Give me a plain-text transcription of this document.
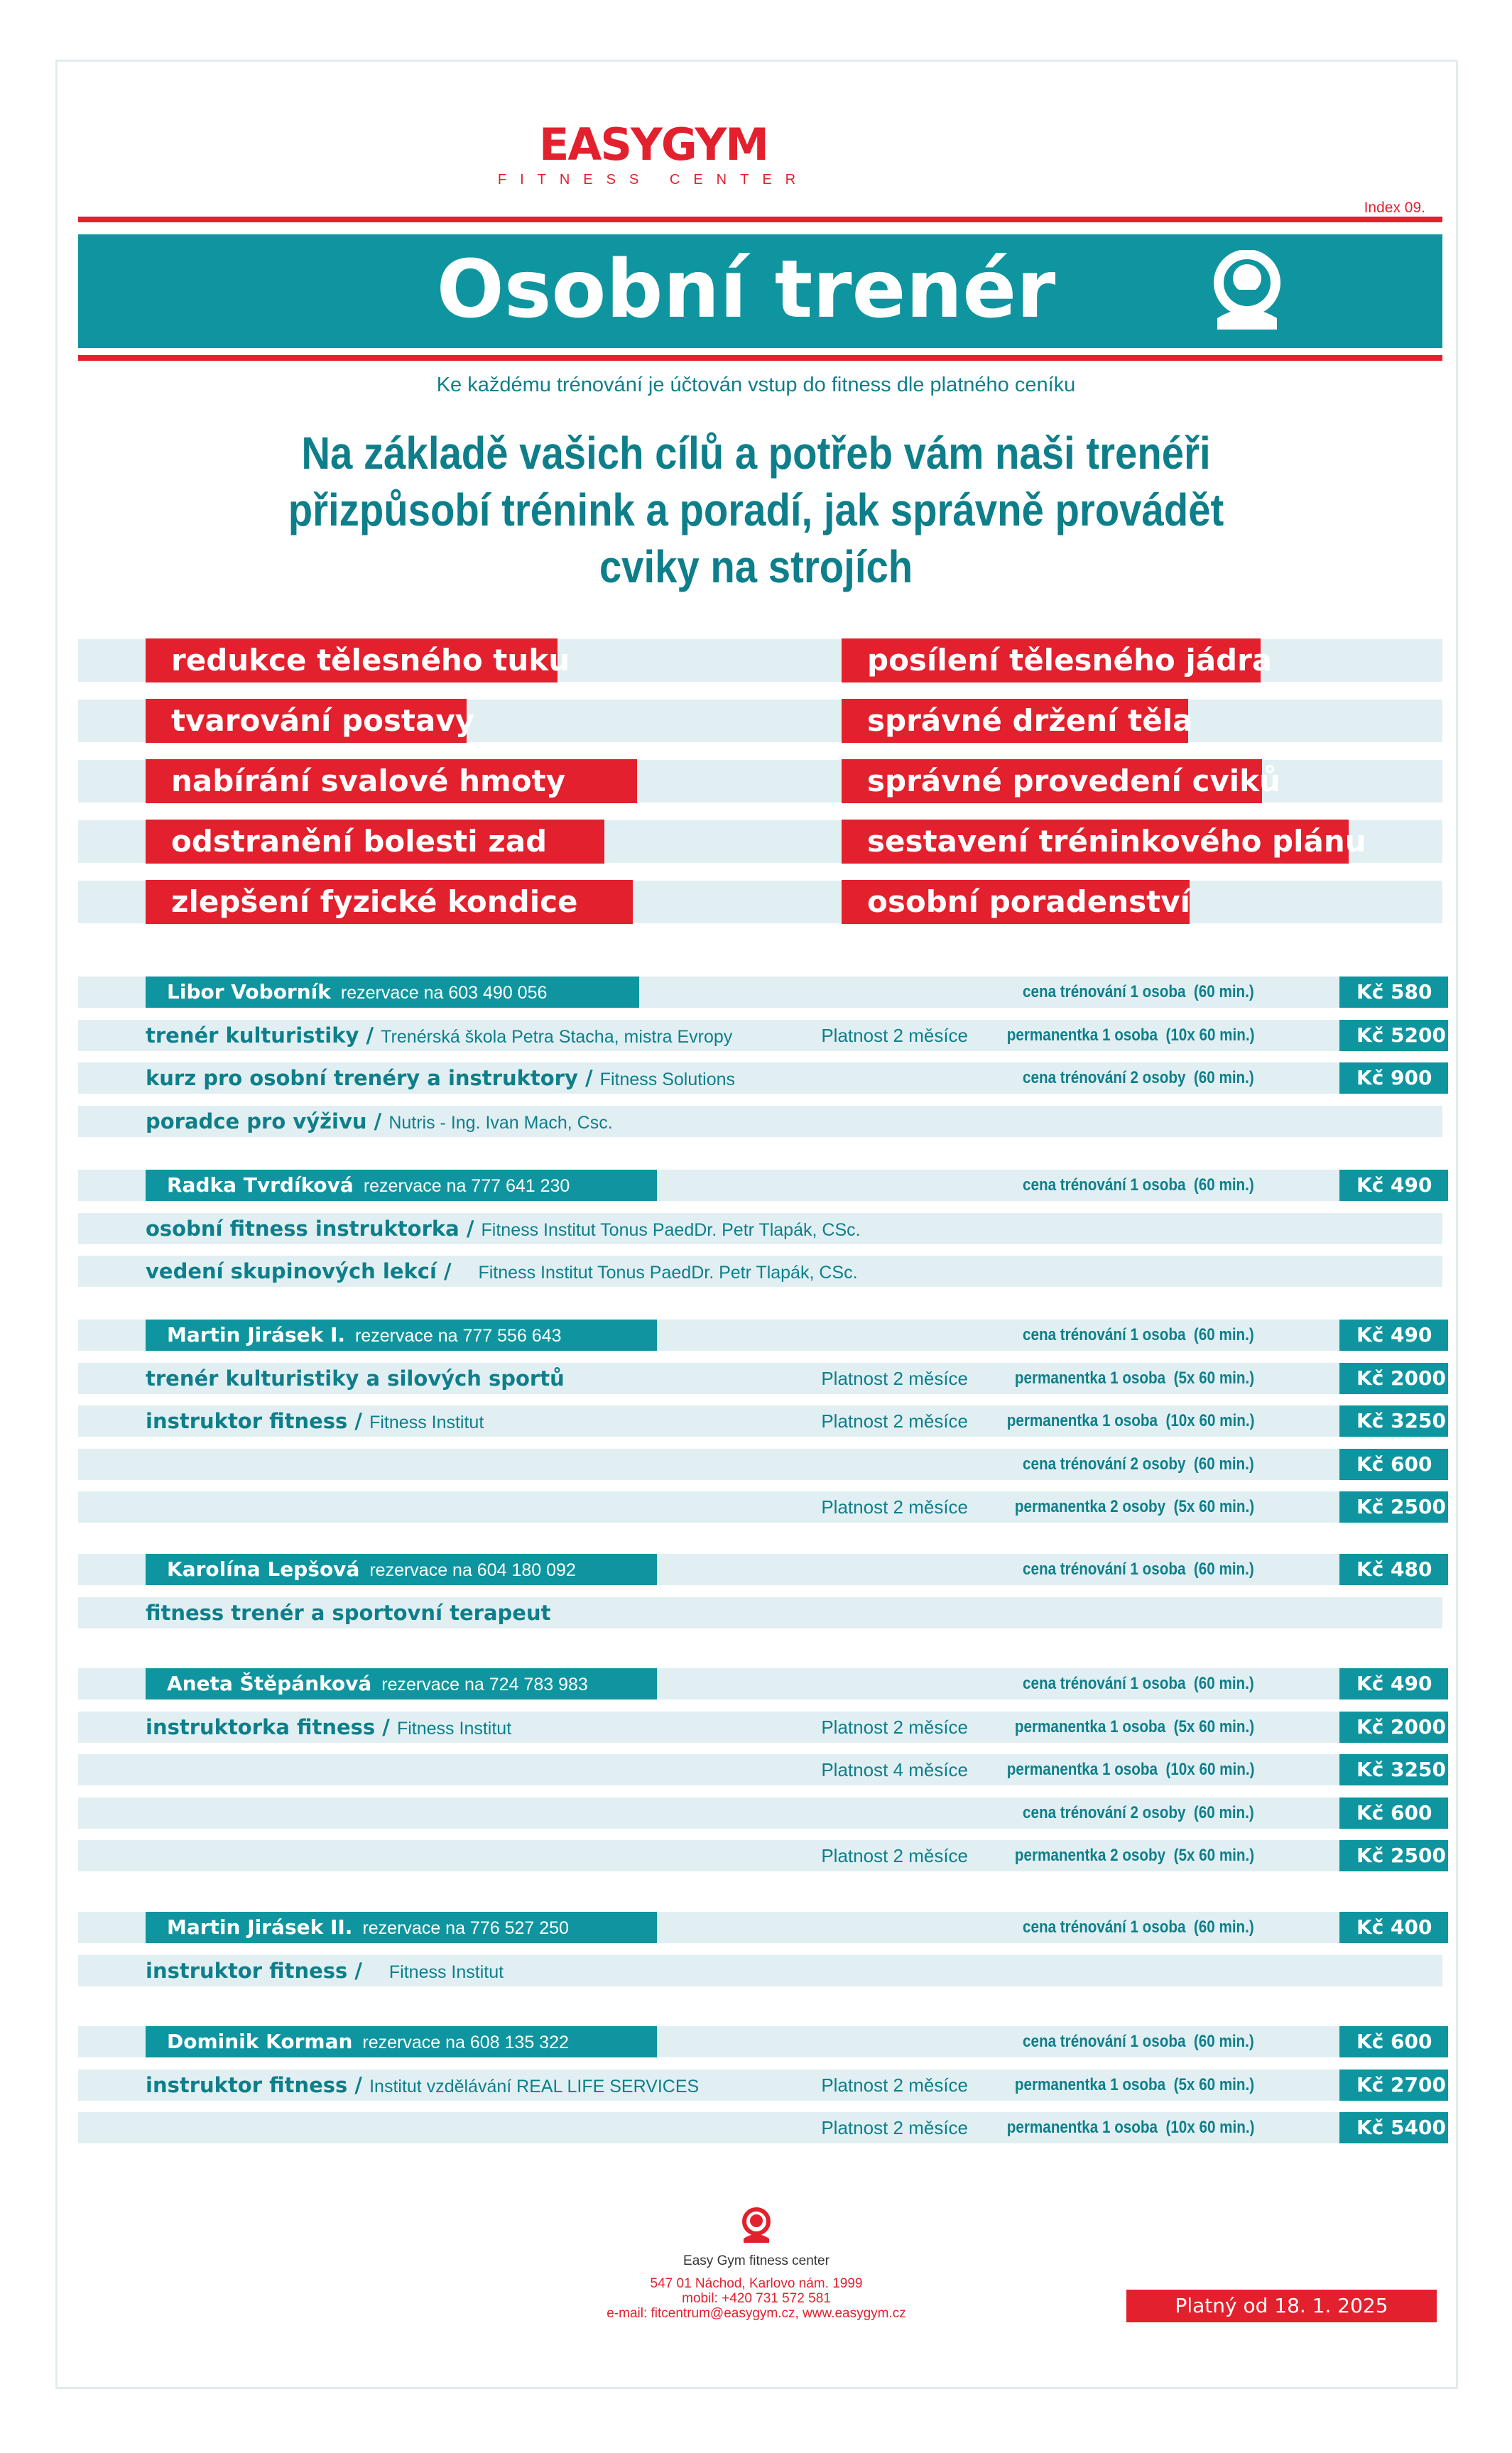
EASYGYM
FITNESS CENTER
Index 09.
Osobní trenér
Ke každému trénování je účtován vstup do fitness dle platného ceníku
Na základě vašich cílů a potřeb vám naši trenéři
přizpůsobí trénink a poradí, jak správně provádět
cviky na strojích
redukce tělesného tuku	posílení tělesného jádra
tvarování postavy	správné držení těla
nabírání svalové hmoty	správné provedení cviků
odstranění bolesti zad	sestavení tréninkového plánu
zlepšení fyzické kondice	osobní poradenství
Libor Voborník rezervace na 603 490 056	cena trénování 1 osoba  (60 min.)	Kč 580
trenér kulturistiky / Trenérská škola Petra Stacha, mistra Evropy	Platnost 2 měsíce permanentka 1 osoba  (10x 60 min.)	Kč 5200
kurz pro osobní trenéry a instruktory / Fitness Solutions	cena trénování 2 osoby  (60 min.)	Kč 900
poradce pro výživu / Nutris - Ing. Ivan Mach, Csc.
Radka Tvrdíková rezervace na 777 641 230	cena trénování 1 osoba  (60 min.)	Kč 490
osobní fitness instruktorka / Fitness Institut Tonus PaedDr. Petr Tlapák, CSc.
vedení skupinových lekcí /     Fitness Institut Tonus PaedDr. Petr Tlapák, CSc.
Martin Jirásek I. rezervace na 777 556 643	cena trénování 1 osoba  (60 min.)	Kč 490
trenér kulturistiky a silových sportů	Platnost 2 měsíce	permanentka 1 osoba  (5x 60 min.)	Kč 2000
instruktor fitness / Fitness Institut	Platnost 2 měsíce permanentka 1 osoba  (10x 60 min.)	Kč 3250
cena trénování 2 osoby  (60 min.)	Kč 600
Platnost 2 měsíce	permanentka 2 osoby  (5x 60 min.)	Kč 2500
Karolína Lepšová rezervace na 604 180 092	cena trénování 1 osoba  (60 min.)	Kč 480
fitness trenér a sportovní terapeut
Aneta Štěpánková rezervace na 724 783 983	cena trénování 1 osoba  (60 min.)	Kč 490
instruktorka fitness / Fitness Institut	Platnost 2 měsíce	permanentka 1 osoba  (5x 60 min.)	Kč 2000
Platnost 4 měsíce permanentka 1 osoba  (10x 60 min.)	Kč 3250
cena trénování 2 osoby  (60 min.)	Kč 600
Platnost 2 měsíce	permanentka 2 osoby  (5x 60 min.)	Kč 2500
Martin Jirásek II. rezervace na 776 527 250	cena trénování 1 osoba  (60 min.)	Kč 400
instruktor fitness /     Fitness Institut
Dominik Korman rezervace na 608 135 322	cena trénování 1 osoba  (60 min.)	Kč 600
instruktor fitness / Institut vzdělávání REAL LIFE SERVICES	Platnost 2 měsíce	permanentka 1 osoba  (5x 60 min.)	Kč 2700
Platnost 2 měsíce permanentka 1 osoba  (10x 60 min.)	Kč 5400
Easy Gym fitness center
547 01 Náchod, Karlovo nám. 1999
mobil: +420 731 572 581
e-mail: fitcentrum@easygym.cz, www.easygym.cz	Platný od 18. 1. 2025
